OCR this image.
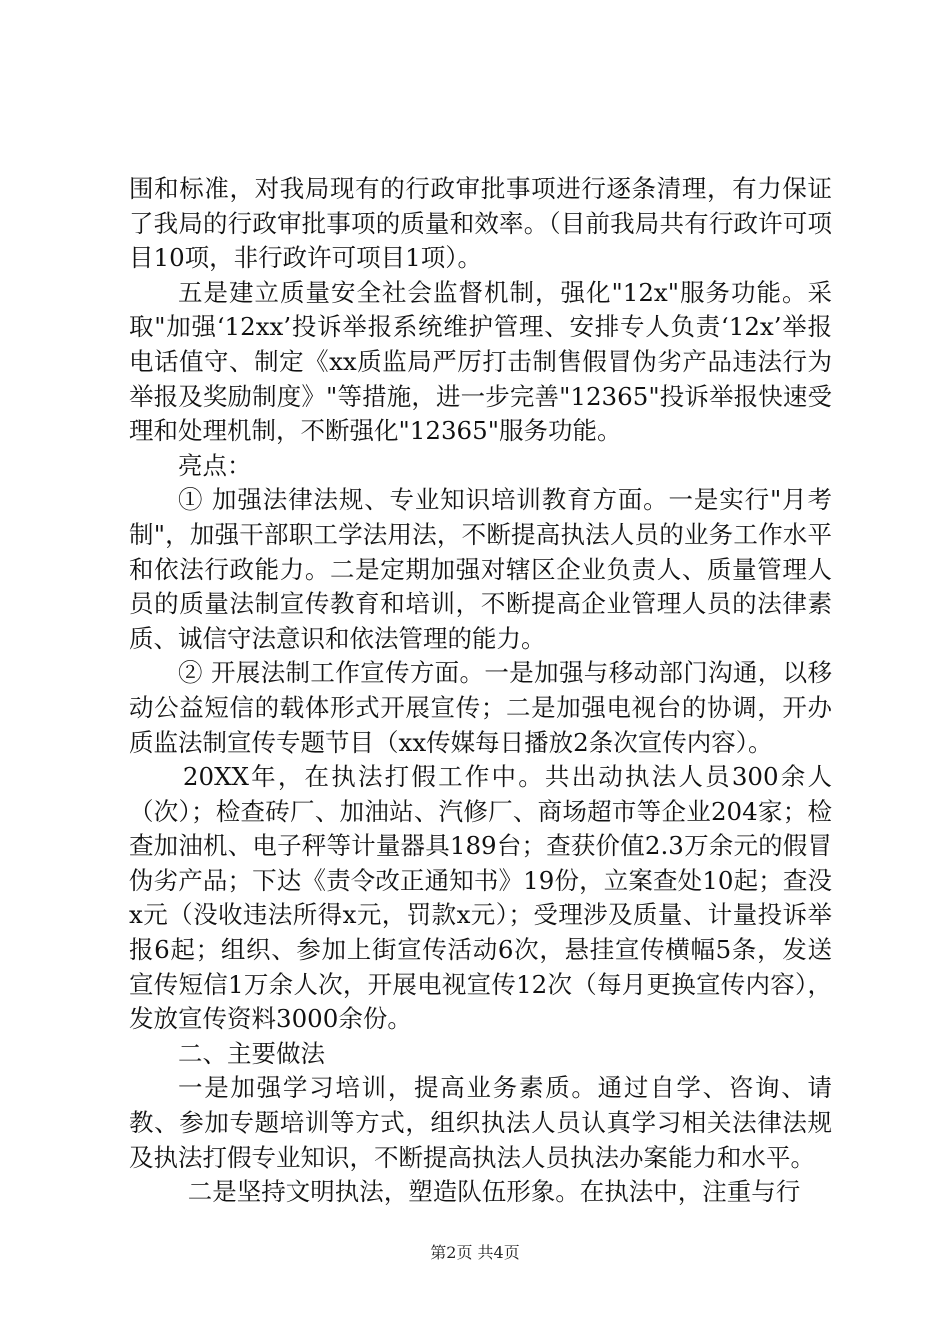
围和标准，对我局现有的行政审批事项进行逐条清理，有力保证了我局的行政审批事项的质量和效率。（目前我局共有行政许可项目10项，非行政许可项目1项）。

五是建立质量安全社会监督机制，强化"12x"服务功能。采取"加强‘12xx’投诉举报系统维护管理、安排专人负责‘12x’举报电话值守、制定《xx质监局严厉打击制售假冒伪劣产品违法行为举报及奖励制度》"等措施，进一步完善"12365"投诉举报快速受理和处理机制，不断强化"12365"服务功能。

亮点：

① 加强法律法规、专业知识培训教育方面。一是实行"月考制"，加强干部职工学法用法，不断提高执法人员的业务工作水平和依法行政能力。二是定期加强对辖区企业负责人、质量管理人员的质量法制宣传教育和培训，不断提高企业管理人员的法律素质、诚信守法意识和依法管理的能力。

② 开展法制工作宣传方面。一是加强与移动部门沟通，以移动公益短信的载体形式开展宣传；二是加强电视台的协调，开办质监法制宣传专题节目（xx传媒每日播放2条次宣传内容）。

20XX年，在执法打假工作中。共出动执法人员300余人（次）；检查砖厂、加油站、汽修厂、商场超市等企业204家；检查加油机、电子秤等计量器具189台；查获价值2.3万余元的假冒伪劣产品；下达《责令改正通知书》19份，立案查处10起；查没x元（没收违法所得x元，罚款x元）；受理涉及质量、计量投诉举报6起；组织、参加上街宣传活动6次，悬挂宣传横幅5条，发送宣传短信1万余人次，开展电视宣传12次（每月更换宣传内容），发放宣传资料3000余份。

二、主要做法

一是加强学习培训，提高业务素质。通过自学、咨询、请教、参加专题培训等方式，组织执法人员认真学习相关法律法规及执法打假专业知识，不断提高执法人员执法办案能力和水平。

二是坚持文明执法，塑造队伍形象。在执法中，注重与行

第2页 共4页
